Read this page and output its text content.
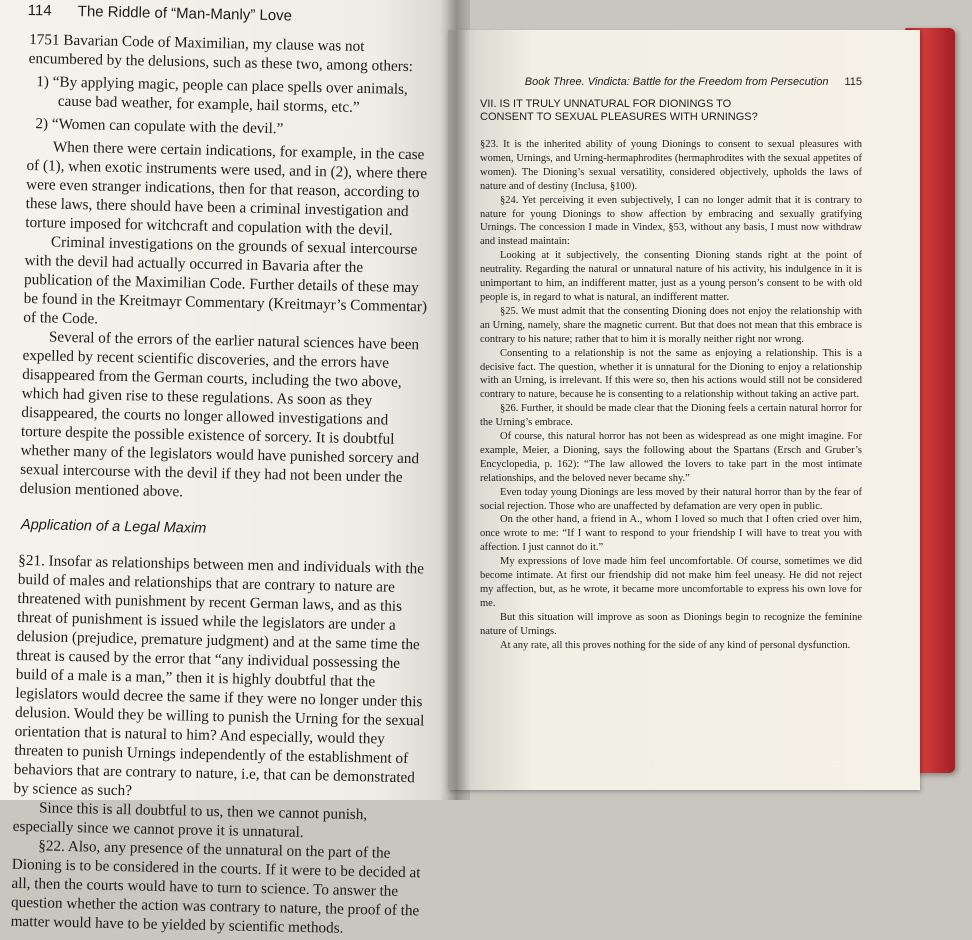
114 The Riddle of “Man-Manly” Love

1751 Bavarian Code of Maximilian, my clause was not encumbered by the delusions, such as these two, among others:

1) “By applying magic, people can place spells over animals, cause bad weather, for example, hail storms, etc.”

2) “Women can copulate with the devil.”

When there were certain indications, for example, in the case of (1), when exotic instruments were used, and in (2), where there were even stranger indications, then for that reason, according to these laws, there should have been a criminal investigation and torture imposed for witchcraft and copulation with the devil.

Criminal investigations on the grounds of sexual intercourse with the devil had actually occurred in Bavaria after the publication of the Maximilian Code. Further details of these may be found in the Kreitmayr Commentary (Kreitmayr’s Commentar) of the Code.

Several of the errors of the earlier natural sciences have been expelled by recent scientific discoveries, and the errors have disappeared from the German courts, including the two above, which had given rise to these regulations. As soon as they disappeared, the courts no longer allowed investigations and torture despite the possible existence of sorcery. It is doubtful whether many of the legislators would have punished sorcery and sexual intercourse with the devil if they had not been under the delusion mentioned above.

Application of a Legal Maxim

§21. Insofar as relationships between men and individuals with the build of males and relationships that are contrary to nature are threatened with punishment by recent German laws, and as this threat of punishment is issued while the legislators are under a delusion (prejudice, premature judgment) and at the same time the threat is caused by the error that “any individual possessing the build of a male is a man,” then it is highly doubtful that the legislators would decree the same if they were no longer under this delusion. Would they be willing to punish the Urning for the sexual orientation that is natural to him? And especially, would they threaten to punish Urnings independently of the establishment of behaviors that are contrary to nature, i.e, that can be demonstrated by science as such?

Since this is all doubtful to us, then we cannot punish, especially since we cannot prove it is unnatural.

§22. Also, any presence of the unnatural on the part of the Dioning is to be considered in the courts. If it were to be decided at all, then the courts would have to turn to science. To answer the question whether the action was contrary to nature, the proof of the matter would have to be yielded by scientific methods.

Book Three. Vindicta: Battle for the Freedom from Persecution 115
VII. IS IT TRULY UNNATURAL FOR DIONINGS TO
CONSENT TO SEXUAL PLEASURES WITH URNINGS?

§23. It is the inherited ability of young Dionings to consent to sexual pleasures with women, Urnings, and Urning-hermaphrodites (hermaphrodites with the sexual appetites of women). The Dioning’s sexual versatility, considered objectively, upholds the laws of nature and of destiny (Inclusa, §100).

§24. Yet perceiving it even subjectively, I can no longer admit that it is contrary to nature for young Dionings to show affection by embracing and sexually gratifying Urnings. The concession I made in Vindex, §53, without any basis, I must now withdraw and instead maintain:

Looking at it subjectively, the consenting Dioning stands right at the point of neutrality. Regarding the natural or unnatural nature of his activity, his indulgence in it is unimportant to him, an indifferent matter, just as a young person’s consent to be with old people is, in regard to what is natural, an indifferent matter.

§25. We must admit that the consenting Dioning does not enjoy the relationship with an Urning, namely, share the magnetic current. But that does not mean that this embrace is contrary to his nature; rather that to him it is morally neither right nor wrong.

Consenting to a relationship is not the same as enjoying a relationship. This is a decisive fact. The question, whether it is unnatural for the Dioning to enjoy a relationship with an Urning, is irrelevant. If this were so, then his actions would still not be considered contrary to nature, because he is consenting to a relationship without taking an active part.

§26. Further, it should be made clear that the Dioning feels a certain natural horror for the Urning’s embrace.

Of course, this natural horror has not been as widespread as one might imagine. For example, Meier, a Dioning, says the following about the Spartans (Ersch and Gruber’s Encyclopedia, p. 162): “The law allowed the lovers to take part in the most intimate relationships, and the beloved never became shy.”

Even today young Dionings are less moved by their natural horror than by the fear of social rejection. Those who are unaffected by defamation are very open in public.

On the other hand, a friend in A., whom I loved so much that I often cried over him, once wrote to me: “If I want to respond to your friendship I will have to treat you with affection. I just cannot do it.”

My expressions of love made him feel uncomfortable. Of course, sometimes we did become intimate. At first our friendship did not make him feel uneasy. He did not reject my affection, but, as he wrote, it became more uncomfortable to express his own love for me.

But this situation will improve as soon as Dionings begin to recognize the feminine nature of Urnings.

At any rate, all this proves nothing for the side of any kind of personal dysfunction.
